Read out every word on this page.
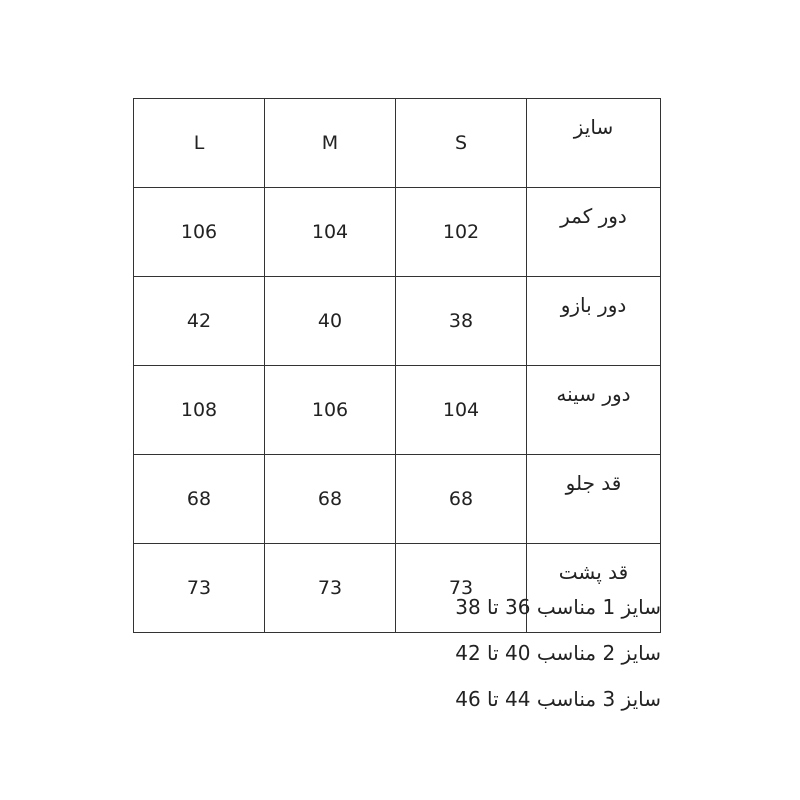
L	M	S	سایز
106	104	102	دور کمر
42	40	38	دور بازو
108	106	104	دور سینه
68	68	68	قد جلو
73	73	73	قد پشت
سایز 1 مناسب 36 تا 38
سایز 2 مناسب 40 تا 42
سایز 3 مناسب 44 تا 46
